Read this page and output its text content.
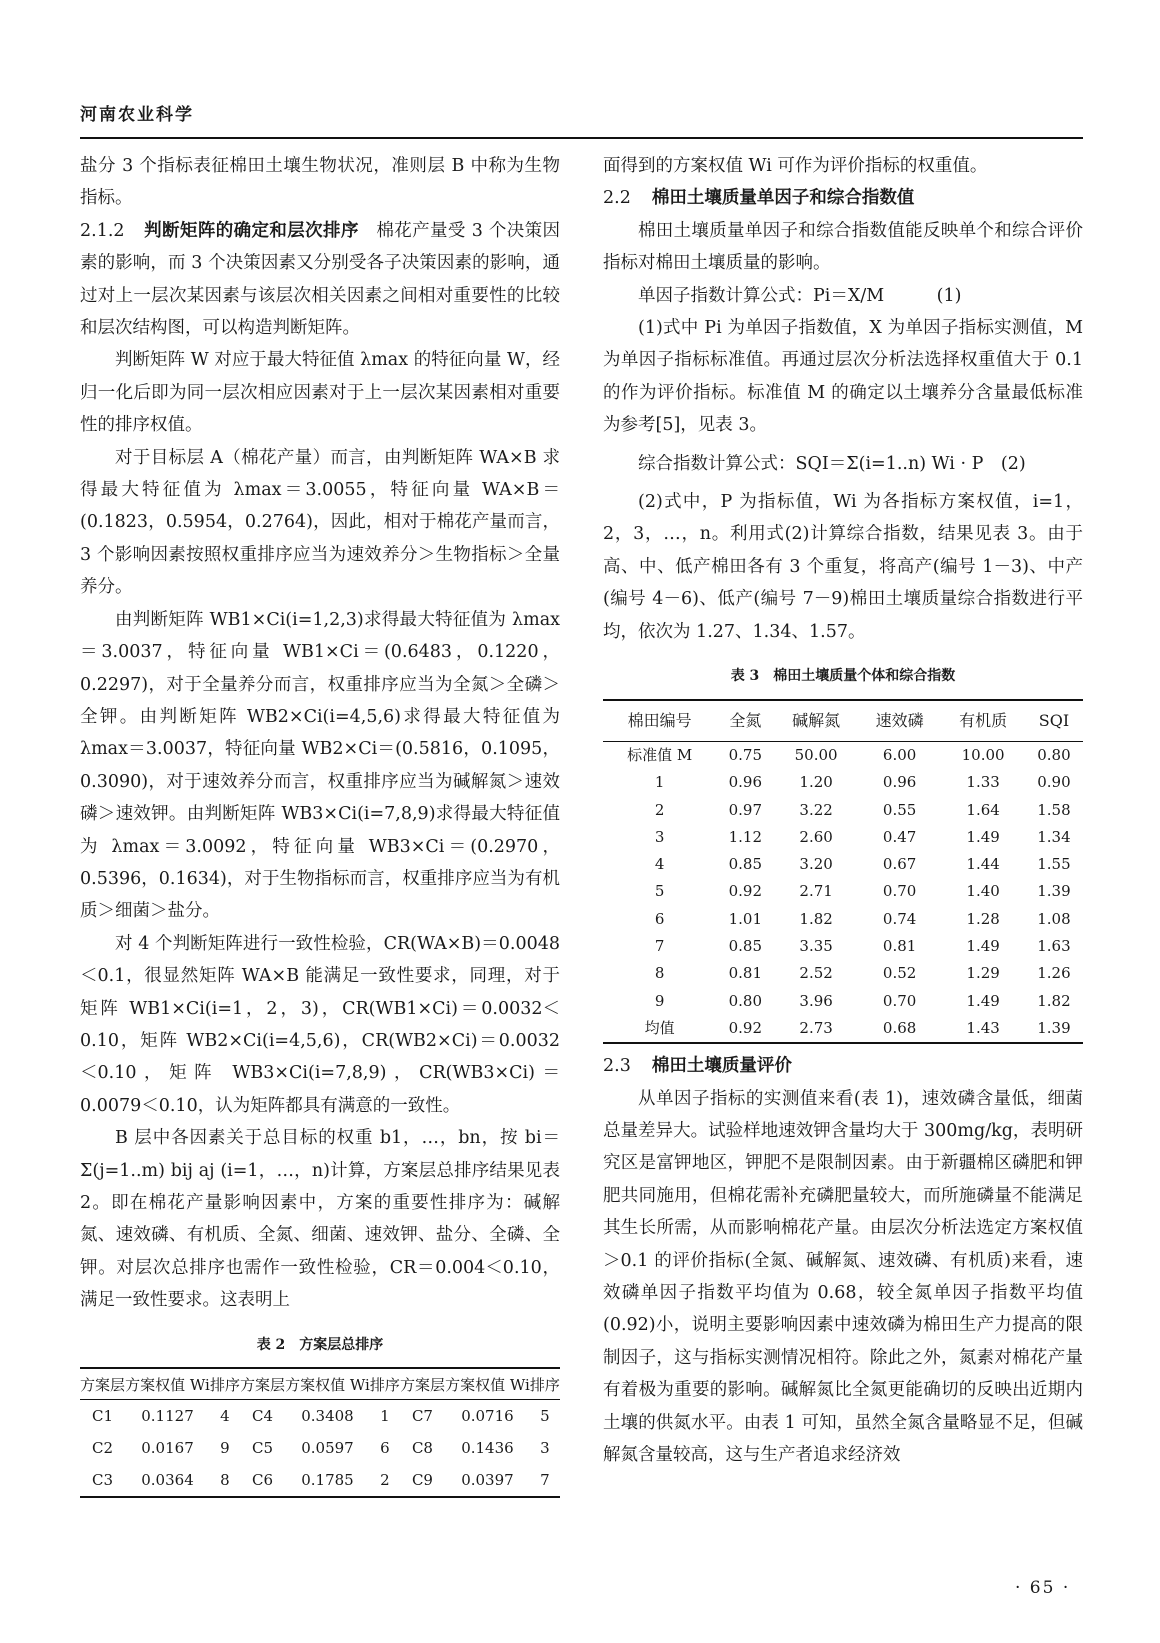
河南农业科学

盐分 3 个指标表征棉田土壤生物状况，准则层 B 中称为生物指标。

2.1.2 判断矩阵的确定和层次排序 棉花产量受 3 个决策因素的影响，而 3 个决策因素又分别受各子决策因素的影响，通过对上一层次某因素与该层次相关因素之间相对重要性的比较和层次结构图，可以构造判断矩阵。

判断矩阵 W 对应于最大特征值 λmax 的特征向量 W，经归一化后即为同一层次相应因素对于上一层次某因素相对重要性的排序权值。

对于目标层 A（棉花产量）而言，由判断矩阵 WA×B 求得最大特征值为 λmax＝3.0055，特征向量 WA×B＝(0.1823，0.5954，0.2764)，因此，相对于棉花产量而言，3 个影响因素按照权重排序应当为速效养分＞生物指标＞全量养分。

由判断矩阵 WB1×Ci(i=1,2,3)求得最大特征值为 λmax＝3.0037，特征向量 WB1×Ci＝(0.6483，0.1220，0.2297)，对于全量养分而言，权重排序应当为全氮＞全磷＞全钾。由判断矩阵 WB2×Ci(i=4,5,6)求得最大特征值为 λmax＝3.0037，特征向量 WB2×Ci＝(0.5816，0.1095，0.3090)，对于速效养分而言，权重排序应当为碱解氮＞速效磷＞速效钾。由判断矩阵 WB3×Ci(i=7,8,9)求得最大特征值为 λmax＝3.0092，特征向量 WB3×Ci＝(0.2970，0.5396，0.1634)，对于生物指标而言，权重排序应当为有机质＞细菌＞盐分。

对 4 个判断矩阵进行一致性检验，CR(WA×B)＝0.0048＜0.1，很显然矩阵 WA×B 能满足一致性要求，同理，对于矩阵 WB1×Ci(i=1，2，3)，CR(WB1×Ci)＝0.0032＜0.10，矩阵 WB2×Ci(i=4,5,6)，CR(WB2×Ci)＝0.0032＜0.10，矩阵 WB3×Ci(i=7,8,9)，CR(WB3×Ci)＝0.0079＜0.10，认为矩阵都具有满意的一致性。

B 层中各因素关于总目标的权重 b1，…，bn，按 bi＝Σ(j=1..m) bij aj (i=1，…，n)计算，方案层总排序结果见表 2。即在棉花产量影响因素中，方案的重要性排序为：碱解氮、速效磷、有机质、全氮、细菌、速效钾、盐分、全磷、全钾。对层次总排序也需作一致性检验，CR＝0.004＜0.10，满足一致性要求。这表明上

表 2　方案层总排序
方案层	方案权值 Wi	排序	方案层	方案权值 Wi	排序	方案层	方案权值 Wi	排序
C1	0.1127	4	C4	0.3408	1	C7	0.0716	5
C2	0.0167	9	C5	0.0597	6	C8	0.1436	3
C3	0.0364	8	C6	0.1785	2	C9	0.0397	7

面得到的方案权值 Wi 可作为评价指标的权重值。

2.2 棉田土壤质量单因子和综合指数值

棉田土壤质量单因子和综合指数值能反映单个和综合评价指标对棉田土壤质量的影响。

单因子指数计算公式：Pi＝X/M　　　(1)

(1)式中 Pi 为单因子指数值，X 为单因子指标实测值，M 为单因子指标标准值。再通过层次分析法选择权重值大于 0.1 的作为评价指标。标准值 M 的确定以土壤养分含量最低标准为参考[5]，见表 3。

综合指数计算公式：SQI＝Σ(i=1..n) Wi · P　(2)

(2)式中，P 为指标值，Wi 为各指标方案权值，i=1，2，3，…，n。利用式(2)计算综合指数，结果见表 3。由于高、中、低产棉田各有 3 个重复，将高产(编号 1－3)、中产(编号 4－6)、低产(编号 7－9)棉田土壤质量综合指数进行平均，依次为 1.27、1.34、1.57。

表 3　棉田土壤质量个体和综合指数
棉田编号	全氮	碱解氮	速效磷	有机质	SQI
标准值 M	0.75	50.00	6.00	10.00	0.80
1	0.96	1.20	0.96	1.33	0.90
2	0.97	3.22	0.55	1.64	1.58
3	1.12	2.60	0.47	1.49	1.34
4	0.85	3.20	0.67	1.44	1.55
5	0.92	2.71	0.70	1.40	1.39
6	1.01	1.82	0.74	1.28	1.08
7	0.85	3.35	0.81	1.49	1.63
8	0.81	2.52	0.52	1.29	1.26
9	0.80	3.96	0.70	1.49	1.82
均值	0.92	2.73	0.68	1.43	1.39

2.3 棉田土壤质量评价

从单因子指标的实测值来看(表 1)，速效磷含量低，细菌总量差异大。试验样地速效钾含量均大于 300mg/kg，表明研究区是富钾地区，钾肥不是限制因素。由于新疆棉区磷肥和钾肥共同施用，但棉花需补充磷肥量较大，而所施磷量不能满足其生长所需，从而影响棉花产量。由层次分析法选定方案权值＞0.1 的评价指标(全氮、碱解氮、速效磷、有机质)来看，速效磷单因子指数平均值为 0.68，较全氮单因子指数平均值(0.92)小，说明主要影响因素中速效磷为棉田生产力提高的限制因子，这与指标实测情况相符。除此之外，氮素对棉花产量有着极为重要的影响。碱解氮比全氮更能确切的反映出近期内土壤的供氮水平。由表 1 可知，虽然全氮含量略显不足，但碱解氮含量较高，这与生产者追求经济效

· 65 ·
